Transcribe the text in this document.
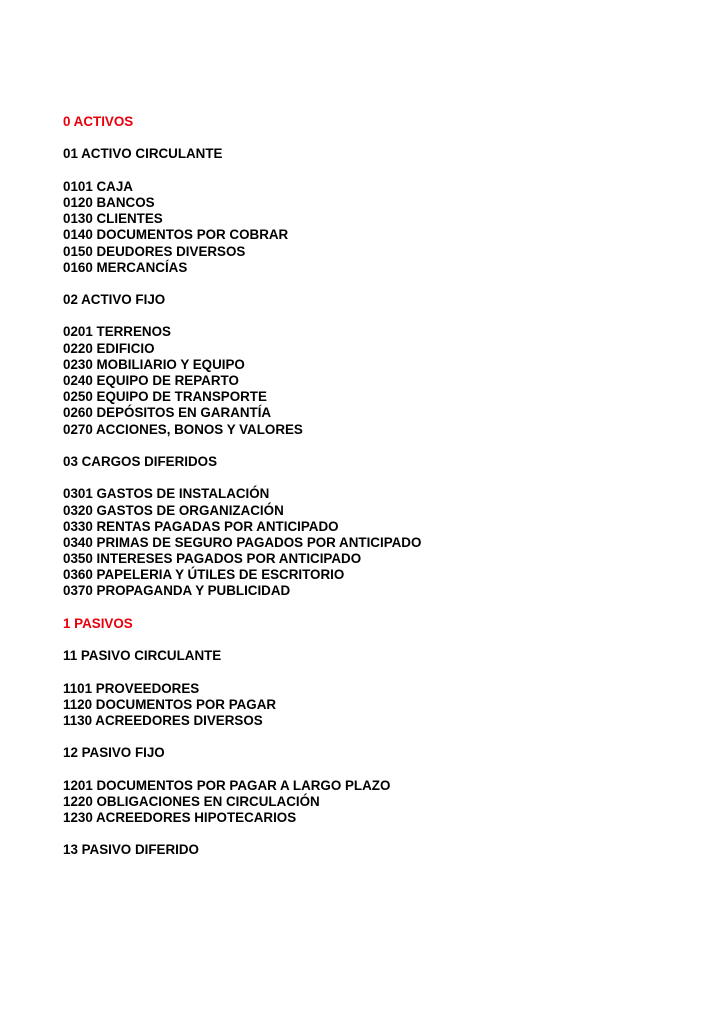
0 ACTIVOS
01 ACTIVO CIRCULANTE
0101 CAJA
0120 BANCOS
0130 CLIENTES
0140 DOCUMENTOS POR COBRAR
0150 DEUDORES DIVERSOS
0160 MERCANCÍAS
02 ACTIVO FIJO
0201 TERRENOS
0220 EDIFICIO
0230 MOBILIARIO Y EQUIPO
0240 EQUIPO DE REPARTO
0250 EQUIPO DE TRANSPORTE
0260 DEPÓSITOS EN GARANTÍA
0270 ACCIONES, BONOS Y VALORES
03 CARGOS DIFERIDOS
0301 GASTOS DE INSTALACIÓN
0320 GASTOS DE ORGANIZACIÓN
0330 RENTAS PAGADAS POR ANTICIPADO
0340 PRIMAS DE SEGURO PAGADOS POR ANTICIPADO
0350 INTERESES PAGADOS POR ANTICIPADO
0360 PAPELERIA Y ÚTILES DE ESCRITORIO
0370 PROPAGANDA Y PUBLICIDAD
1 PASIVOS
11 PASIVO CIRCULANTE
1101 PROVEEDORES
1120 DOCUMENTOS POR PAGAR
1130 ACREEDORES DIVERSOS
12 PASIVO FIJO
1201 DOCUMENTOS POR PAGAR A LARGO PLAZO
1220 OBLIGACIONES EN CIRCULACIÓN
1230 ACREEDORES HIPOTECARIOS
13 PASIVO DIFERIDO
